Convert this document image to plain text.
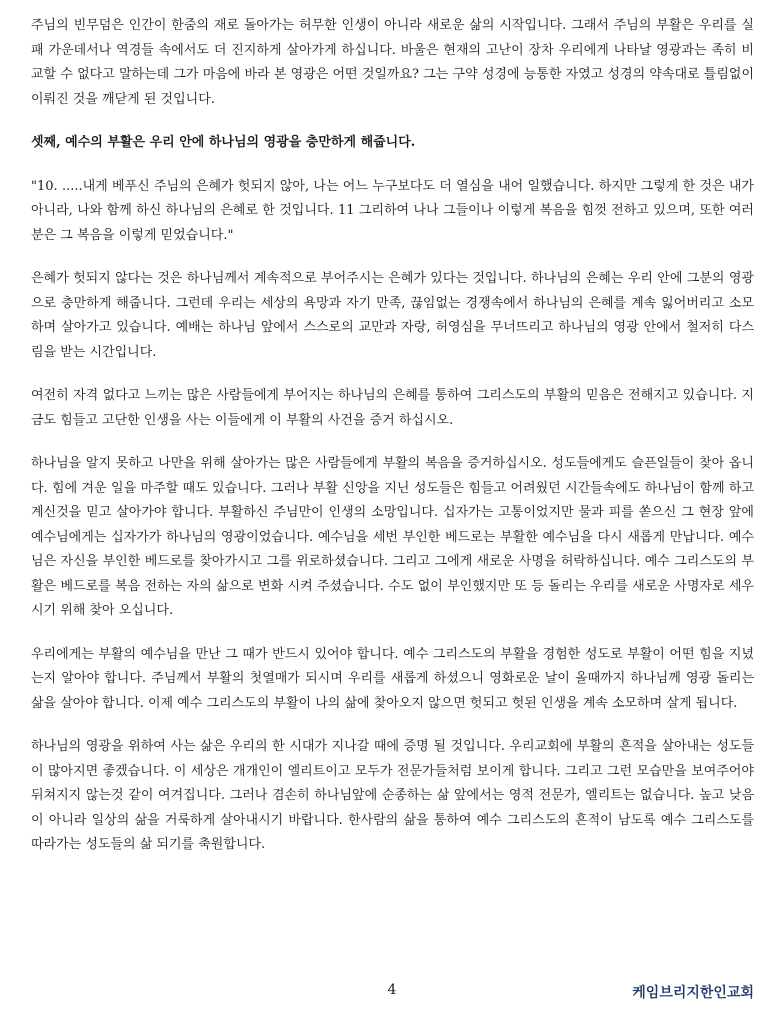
주님의 빈무덤은 인간이 한줌의 재로 돌아가는 허무한 인생이 아니라 새로운 삶의 시작입니다. 그래서 주님의 부활은 우리를 실패 가운데서나 역경들 속에서도 더 진지하게 살아가게 하십니다. 바울은 현재의 고난이 장차 우리에게 나타날 영광과는 족히 비교할 수 없다고 말하는데 그가 마음에 바라 본 영광은 어떤 것일까요? 그는 구약 성경에 능통한 자였고 성경의 약속대로 틀림없이 이뤄진 것을 깨닫게 된 것입니다.

셋째, 예수의 부활은 우리 안에 하나님의 영광을 충만하게 해줍니다.

"10. .....내게 베푸신 주님의 은혜가 헛되지 않아, 나는 어느 누구보다도 더 열심을 내어 일했습니다. 하지만 그렇게 한 것은 내가 아니라, 나와 함께 하신 하나님의 은혜로 한 것입니다. 11 그리하여 나나 그들이나 이렇게 복음을 힘껏 전하고 있으며, 또한 여러분은 그 복음을 이렇게 믿었습니다."

은혜가 헛되지 않다는 것은 하나님께서 계속적으로 부어주시는 은혜가 있다는 것입니다. 하나님의 은혜는 우리 안에 그분의 영광으로 충만하게 해줍니다. 그런데 우리는 세상의 욕망과 자기 만족, 끊임없는 경쟁속에서 하나님의 은혜를 계속 잃어버리고 소모하며 살아가고 있습니다. 예배는 하나님 앞에서 스스로의 교만과 자랑, 허영심을 무너뜨리고 하나님의 영광 안에서 철저히 다스림을 받는 시간입니다.

여전히 자격 없다고 느끼는 많은 사람들에게 부어지는 하나님의 은혜를 통하여 그리스도의 부활의 믿음은 전해지고 있습니다. 지금도 힘들고 고단한 인생을 사는 이들에게 이 부활의 사건을 증거 하십시오.

하나님을 알지 못하고 나만을 위해 살아가는 많은 사람들에게 부활의 복음을 증거하십시오. 성도들에게도 슬픈일들이 찾아 옵니다. 힘에 겨운 일을 마주할 때도 있습니다. 그러나 부활 신앙을 지닌 성도들은 힘들고 어려웠던 시간들속에도 하나님이 함께 하고 계신것을 믿고 살아가야 합니다. 부활하신 주님만이 인생의 소망입니다. 십자가는 고통이었지만 물과 피를 쏟으신 그 현장 앞에 예수님에게는 십자가가 하나님의 영광이었습니다. 예수님을 세번 부인한 베드로는 부활한 예수님을 다시 새롭게 만납니다. 예수님은 자신을 부인한 베드로를 찾아가시고 그를 위로하셨습니다. 그리고 그에게 새로운 사명을 허락하십니다. 예수 그리스도의 부활은 베드로를 복음 전하는 자의 삶으로 변화 시켜 주셨습니다. 수도 없이 부인했지만 또 등 돌리는 우리를 새로운 사명자로 세우시기 위해 찾아 오십니다.

우리에게는 부활의 예수님을 만난 그 때가 반드시 있어야 합니다. 예수 그리스도의 부활을 경험한 성도로 부활이 어떤 힘을 지녔는지 알아야 합니다. 주님께서 부활의 첫열매가 되시며 우리를 새롭게 하셨으니 영화로운 날이 올때까지 하나님께 영광 돌리는 삶을 살아야 합니다. 이제 예수 그리스도의 부활이 나의 삶에 찾아오지 않으면 헛되고 헛된 인생을 계속 소모하며 살게 됩니다.

하나님의 영광을 위하여 사는 삶은 우리의 한 시대가 지나갈 때에 증명 될 것입니다. 우리교회에 부활의 흔적을 살아내는 성도들이 많아지면 좋겠습니다. 이 세상은 개개인이 엘리트이고 모두가 전문가들처럼 보이게 합니다. 그리고 그런 모습만을 보여주어야 뒤쳐지지 않는것 같이 여겨집니다. 그러나 겸손히 하나님앞에 순종하는 삶 앞에서는 영적 전문가, 엘리트는 없습니다. 높고 낮음이 아니라 일상의 삶을 거룩하게 살아내시기 바랍니다. 한사람의 삶을 통하여 예수 그리스도의 흔적이 남도록 예수 그리스도를 따라가는 성도들의 삶 되기를 축원합니다.

4	케임브리지한인교회
